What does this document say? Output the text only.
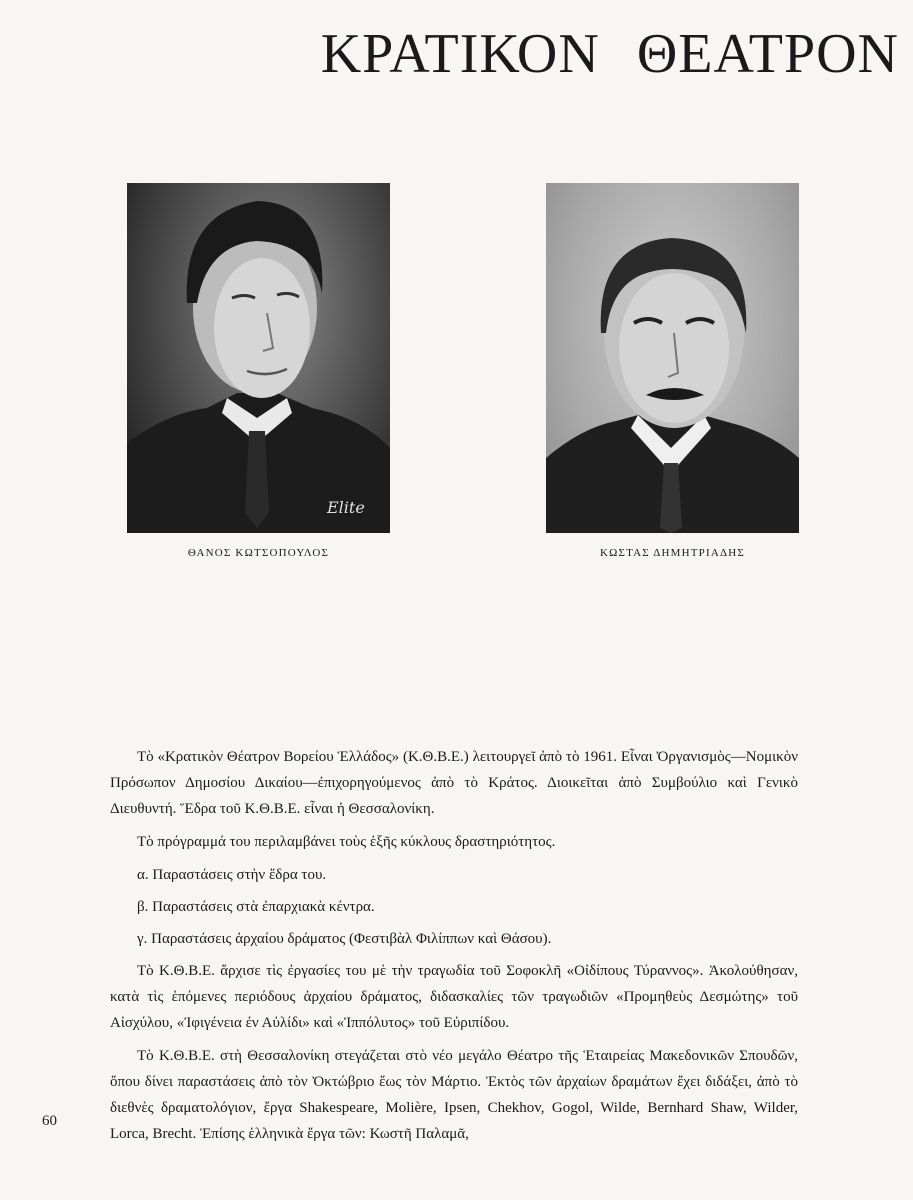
ΚΡΑΤΙΚΟΝ ΘΕΑΤΡΟΝ
Elite
ΘΑΝΟΣ ΚΩΤΣΟΠΟΥΛΟΣ	ΚΩΣΤΑΣ ΔΗΜΗΤΡΙΑΔΗΣ

Τὸ «Κρατικὸν Θέατρον Βορείου Ἑλλάδος» (Κ.Θ.Β.Ε.) λειτουργεῖ ἀπὸ τὸ 1961. Εἶναι Ὀργανισμὸς—Νομικὸν Πρόσωπον Δημοσίου Δικαίου—ἐπιχορηγούμενος ἀπὸ τὸ Κράτος. Διοικεῖται ἀπὸ Συμβούλιο καὶ Γενικὸ Διευθυντή. Ἕδρα τοῦ Κ.Θ.Β.Ε. εἶναι ἡ Θεσσαλονίκη.

Τὸ πρόγραμμά του περιλαμβάνει τοὺς ἑξῆς κύκλους δραστηριότητος.

α. Παραστάσεις στὴν ἕδρα του.

β. Παραστάσεις στὰ ἐπαρχιακὰ κέντρα.

γ. Παραστάσεις ἀρχαίου δράματος (Φεστιβὰλ Φιλίππων καὶ Θάσου).

Τὸ Κ.Θ.Β.Ε. ἄρχισε τὶς ἐργασίες του μὲ τὴν τραγωδία τοῦ Σοφοκλῆ «Οἰδίπους Τύραννος». Ἀκολούθησαν, κατὰ τὶς ἑπόμενες περιόδους ἀρχαίου δράματος, διδασκαλίες τῶν τραγωδιῶν «Προμηθεὺς Δεσμώτης» τοῦ Αἰσχύλου, «Ἰφιγένεια ἐν Αὐλίδι» καὶ «Ἱππόλυτος» τοῦ Εὐριπίδου.

Τὸ Κ.Θ.Β.Ε. στὴ Θεσσαλονίκη στεγάζεται στὸ νέο μεγάλο Θέατρο τῆς Ἑταιρείας Μακεδονικῶν Σπουδῶν, ὅπου δίνει παραστάσεις ἀπὸ τὸν Ὀκτώβριο ἕως τὸν Μάρτιο. Ἐκτὸς τῶν ἀρχαίων δραμάτων ἔχει διδάξει, ἀπὸ τὸ διεθνὲς δραματολόγιον, ἔργα Shakespeare, Molière, Ipsen, Chekhov, Gogol, Wilde, Bernhard Shaw, Wilder, Lorca, Brecht. Ἐπίσης ἑλληνικὰ ἔργα τῶν: Κωστῆ Παλαμᾶ,

60
